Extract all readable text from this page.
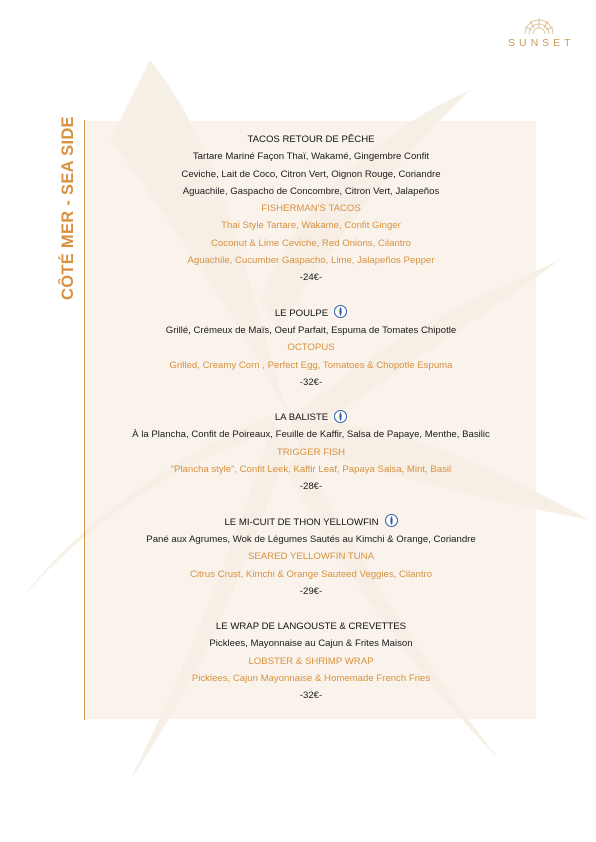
SUNSET
CÔTÉ MER - SEA SIDE	TACOS RETOUR DE PÊCHE
Tartare Mariné Façon Thaï, Wakamé, Gingembre Confit
Ceviche, Lait de Coco, Citron Vert, Oignon Rouge, Coriandre
Aguachile, Gaspacho de Concombre, Citron Vert, Jalapeños
FISHERMAN'S TACOS
Thai Style Tartare, Wakame, Confit Ginger
Coconut & Lime Ceviche, Red Onions, Cilantro
Aguachile, Cucumber Gaspacho, Lime, Jalapeños Pepper
-24€-
LE POULPE
Grillé, Crémeux de Maïs, Oeuf Parfait, Espuma de Tomates Chipotle
OCTOPUS
Grilled, Creamy Corn , Perfect Egg, Tomatoes & Chopotle Espuma
-32€-
LA BALISTE
À la Plancha, Confit de Poireaux, Feuille de Kaffir, Salsa de Papaye, Menthe, Basilic
TRIGGER FISH
“Plancha style”, Confit Leek, Kaffir Leaf, Papaya Salsa, Mint, Basil
-28€-
LE MI-CUIT DE THON YELLOWFIN
Pané aux Agrumes, Wok de Légumes Sautés au Kimchi & Orange, Coriandre
SEARED YELLOWFIN TUNA
Citrus Crust, Kimchi & Orange Sauteed Veggies, Cilantro
-29€-
LE WRAP DE LANGOUSTE & CREVETTES
Picklees, Mayonnaise au Cajun & Frites Maison
LOBSTER & SHRIMP WRAP
Picklees, Cajun Mayonnaise & Homemade French Fries
-32€-
